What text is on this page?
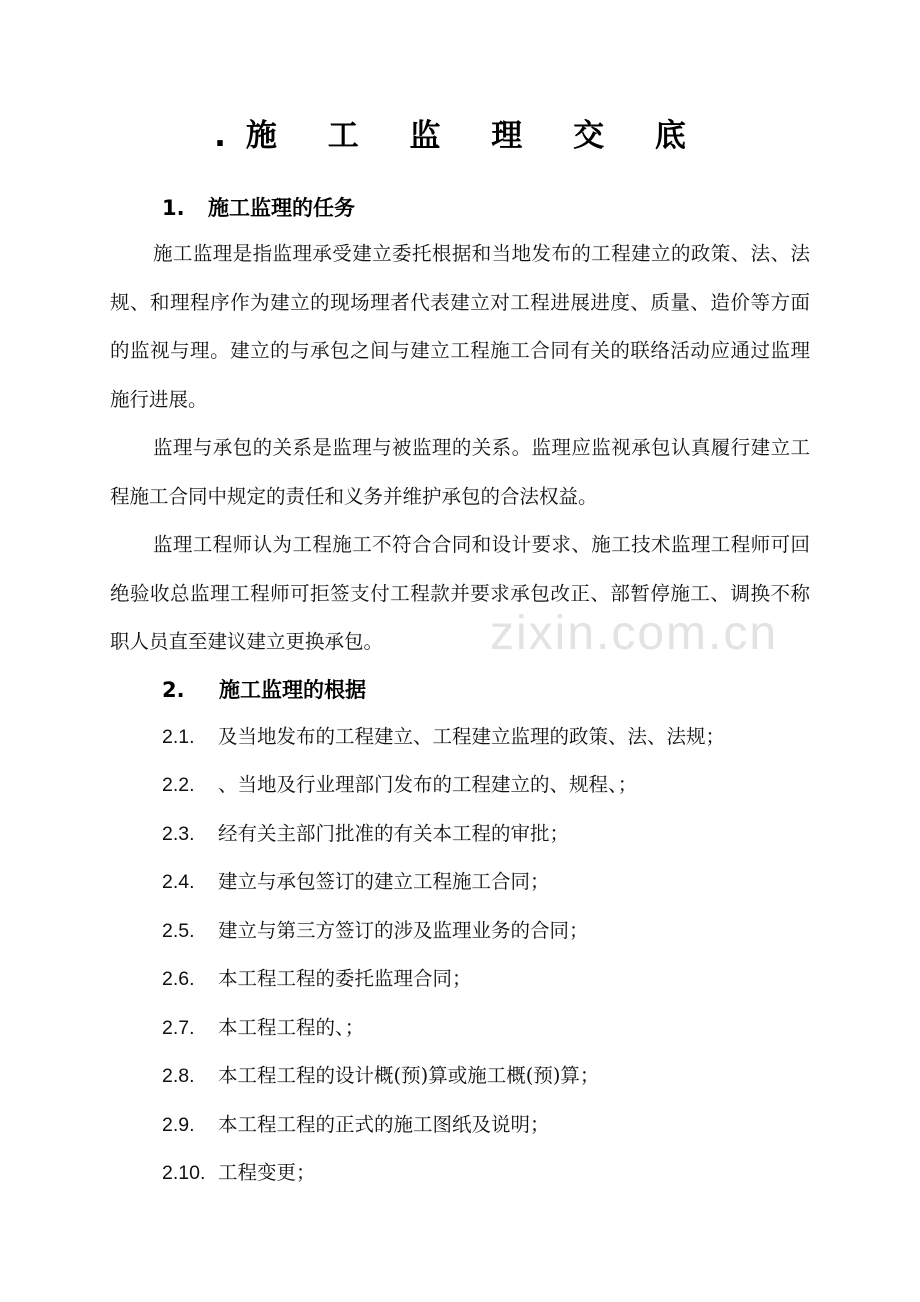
zixin.com.cn
.施 工 监 理 交 底
1. 施工监理的任务
施工监理是指监理承受建立委托根据和当地发布的工程建立的政策、法、法规、和理程序作为建立的现场理者代表建立对工程进展进度、质量、造价等方面的监视与理。建立的与承包之间与建立工程施工合同有关的联络活动应通过监理施行进展。
监理与承包的关系是监理与被监理的关系。监理应监视承包认真履行建立工程施工合同中规定的责任和义务并维护承包的合法权益。
监理工程师认为工程施工不符合合同和设计要求、施工技术监理工程师可回绝验收总监理工程师可拒签支付工程款并要求承包改正、部暂停施工、调换不称职人员直至建议建立更换承包。
2. 施工监理的根据
2.1. 及当地发布的工程建立、工程建立监理的政策、法、法规；
2.2. 、当地及行业理部门发布的工程建立的、规程、；
2.3. 经有关主部门批准的有关本工程的审批；
2.4. 建立与承包签订的建立工程施工合同；
2.5. 建立与第三方签订的涉及监理业务的合同；
2.6. 本工程工程的委托监理合同；
2.7. 本工程工程的、；
2.8. 本工程工程的设计概(预)算或施工概(预)算；
2.9. 本工程工程的正式的施工图纸及说明；
2.10. 工程变更；
